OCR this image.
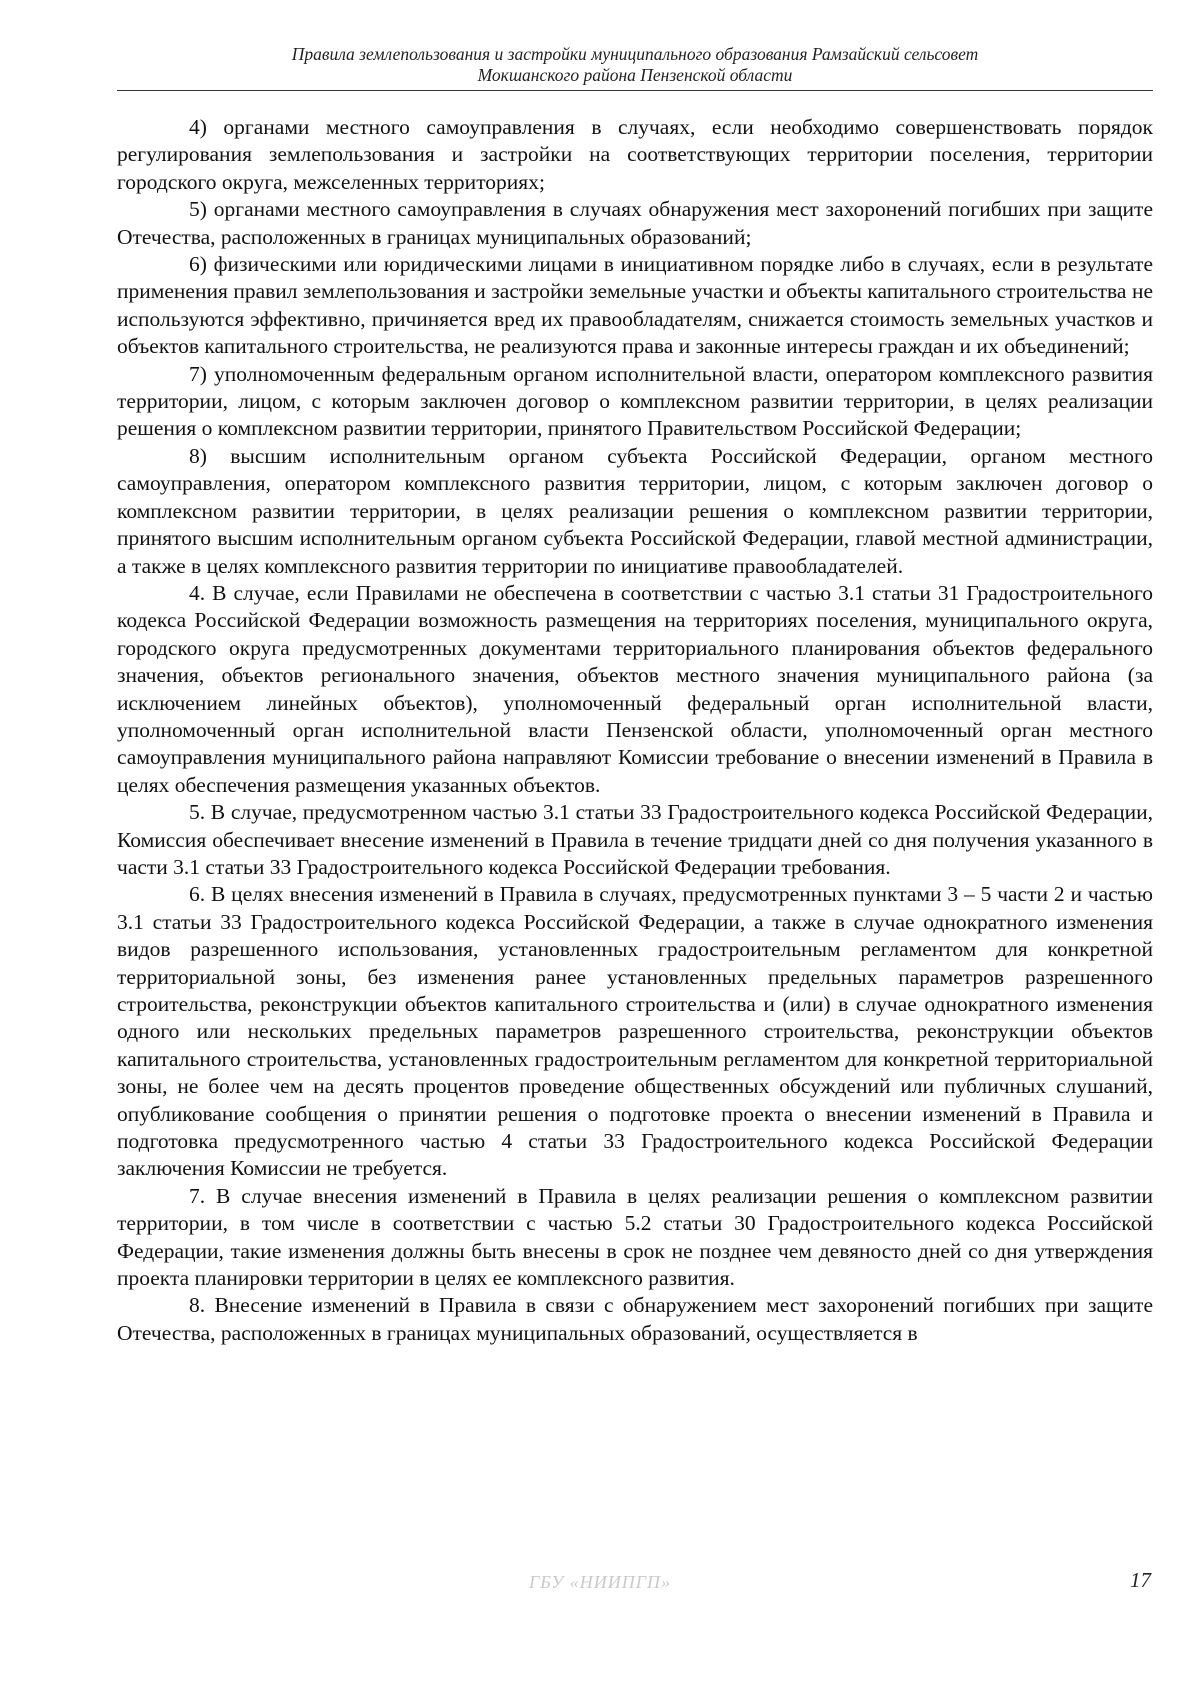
Правила землепользования и застройки муниципального образования Рамзайский сельсовет
Мокшанского района Пензенской области

4) органами местного самоуправления в случаях, если необходимо совершенствовать порядок регулирования землепользования и застройки на соответствующих территории поселения, территории городского округа, межселенных территориях;

5) органами местного самоуправления в случаях обнаружения мест захоронений погибших при защите Отечества, расположенных в границах муниципальных образований;

6) физическими или юридическими лицами в инициативном порядке либо в случаях, если в результате применения правил землепользования и застройки земельные участки и объекты капитального строительства не используются эффективно, причиняется вред их правообладателям, снижается стоимость земельных участков и объектов капитального строительства, не реализуются права и законные интересы граждан и их объединений;

7) уполномоченным федеральным органом исполнительной власти, оператором комплексного развития территории, лицом, с которым заключен договор о комплексном развитии территории, в целях реализации решения о комплексном развитии территории, принятого Правительством Российской Федерации;

8) высшим исполнительным органом субъекта Российской Федерации, органом местного самоуправления, оператором комплексного развития территории, лицом, с которым заключен договор о комплексном развитии территории, в целях реализации решения о комплексном развитии территории, принятого высшим исполнительным органом субъекта Российской Федерации, главой местной администрации, а также в целях комплексного развития территории по инициативе правообладателей.

4. В случае, если Правилами не обеспечена в соответствии с частью 3.1 статьи 31 Градостроительного кодекса Российской Федерации возможность размещения на территориях поселения, муниципального округа, городского округа предусмотренных документами территориального планирования объектов федерального значения, объектов регионального значения, объектов местного значения муниципального района (за исключением линейных объектов), уполномоченный федеральный орган исполнительной власти, уполномоченный орган исполнительной власти Пензенской области, уполномоченный орган местного самоуправления муниципального района направляют Комиссии требование о внесении изменений в Правила в целях обеспечения размещения указанных объектов.

5. В случае, предусмотренном частью 3.1 статьи 33 Градостроительного кодекса Российской Федерации, Комиссия обеспечивает внесение изменений в Правила в течение тридцати дней со дня получения указанного в части 3.1 статьи 33 Градостроительного кодекса Российской Федерации требования.

6. В целях внесения изменений в Правила в случаях, предусмотренных пунктами 3 – 5 части 2 и частью 3.1 статьи 33 Градостроительного кодекса Российской Федерации, а также в случае однократного изменения видов разрешенного использования, установленных градостроительным регламентом для конкретной территориальной зоны, без изменения ранее установленных предельных параметров разрешенного строительства, реконструкции объектов капитального строительства и (или) в случае однократного изменения одного или нескольких предельных параметров разрешенного строительства, реконструкции объектов капитального строительства, установленных градостроительным регламентом для конкретной территориальной зоны, не более чем на десять процентов проведение общественных обсуждений или публичных слушаний, опубликование сообщения о принятии решения о подготовке проекта о внесении изменений в Правила и подготовка предусмотренного частью 4 статьи 33 Градостроительного кодекса Российской Федерации заключения Комиссии не требуется.

7. В случае внесения изменений в Правила в целях реализации решения о комплексном развитии территории, в том числе в соответствии с частью 5.2 статьи 30 Градостроительного кодекса Российской Федерации, такие изменения должны быть внесены в срок не позднее чем девяносто дней со дня утверждения проекта планировки территории в целях ее комплексного развития.

8. Внесение изменений в Правила в связи с обнаружением мест захоронений погибших при защите Отечества, расположенных в границах муниципальных образований, осуществляется в

ГБУ «НИИПГП»	17
